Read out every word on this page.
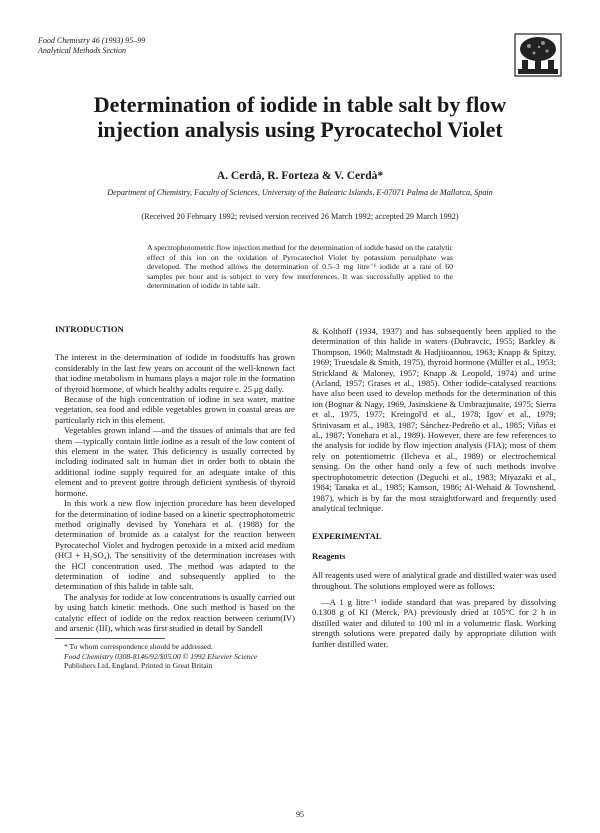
Food Chemistry 46 (1993) 95–99
Analytical Methods Section
Determination of iodide in table salt by flow
injection analysis using Pyrocatechol Violet
A. Cerdà, R. Forteza & V. Cerdà*
Department of Chemistry, Faculty of Sciences, University of the Balearic Islands, E-07071 Palma de Mallorca, Spain
(Received 20 February 1992; revised version received 26 March 1992; accepted 29 March 1992)
A spectrophotometric flow injection method for the determination of iodide based on the catalytic effect of this ion on the oxidation of Pyrocatechol Violet by potassium persulphate was developed. The method allows the determination of 0.5–3 mg litre⁻¹ iodide at a rate of 60 samples per hour and is subject to very few interferences. It was successfully applied to the determination of iodide in table salt.
INTRODUCTION

The interest in the determination of iodide in foodstuffs has grown considerably in the last few years on account of the well-known fact that iodine metabolism in humans plays a major role in the formation of thyroid hormone, of which healthy adults require c. 25 μg daily.

Because of the high concentration of iodine in sea water, marine vegetation, sea food and edible vegetables grown in coastal areas are particularly rich in this element.

Vegetables grown inland —and the tissues of animals that are fed them —typically contain little iodine as a result of the low content of this element in the water. This deficiency is usually corrected by including iodinated salt in human diet in order both to obtain the additional iodine supply required for an adequate intake of this element and to prevent goitre through deficient synthesis of thyroid hormone.

In this work a new flow injection procedure has been developed for the determination of iodine based on a kinetic spectrophotometric method originally devised by Yonehara et al. (1988) for the determination of bromide as a catalyst for the reaction between Pyrocatechol Violet and hydrogen peroxide in a mixed acid medium (HCl + H₂SO₄). The sensitivity of the determination increases with the HCl concentration used. The method was adapted to the determination of iodine and subsequently applied to the determination of this halide in table salt.

The analysis for iodide at low concentrations is usually carried out by using batch kinetic methods. One such method is based on the catalytic effect of iodide on the redox reaction between cerium(IV) and arsenic (III), which was first studied in detail by Sandell

* To whom correspondence should be addressed.

Food Chemistry 0308-8146/92/$05.00 © 1992 Elsevier Science

Publishers Ltd, England. Printed in Great Britain

& Kolthoff (1934, 1937) and has subsequently been applied to the determination of this halide in waters (Dubravcic, 1955; Barkley & Thompson, 1960; Malmstadt & Hadjiioannou, 1963; Knapp & Spitzy, 1969; Truesdale & Smith, 1975), thyroid hormone (Müller et al., 1953; Strickland & Maloney, 1957; Knapp & Leopold, 1974) and urine (Acland, 1957; Grases et al., 1985). Other iodide-catalysed reactions have also been used to develop methods for the determination of this ion (Bognar & Nagy, 1969, Jasinskiene & Umbrazjunaite, 1975; Sierra et al., 1975, 1977; Kreingol'd et al., 1978; Igov et al., 1979; Srinivasam et al., 1983, 1987; Sánchez-Pedreño et al., 1985; Viñas et al., 1987; Yonehara et al., 1989). However, there are few references to the analysis for iodide by flow injection analysis (FIA); most of them rely on potentiometric (Ilcheva et al., 1989) or electrochemical sensing. On the other hand only a few of such methods involve spectrophotometric detection (Deguchi et al., 1983; Miyazaki et al., 1984; Tanaka et al., 1985; Kamson, 1986; Al-Wehaid & Townshend, 1987), which is by far the most straightforward and frequently used analytical technique.

EXPERIMENTAL
Reagents

All reagents used were of analytical grade and distilled water was used throughout. The solutions employed were as follows:

—A 1 g litre⁻¹ iodide standard that was prepared by dissolving 0.1308 g of KI (Merck, PA) previously dried at 105°C for 2 h in distilled water and diluted to 100 ml in a volumetric flask. Working strength solutions were prepared daily by appropriate dilution with further distilled water.

95
